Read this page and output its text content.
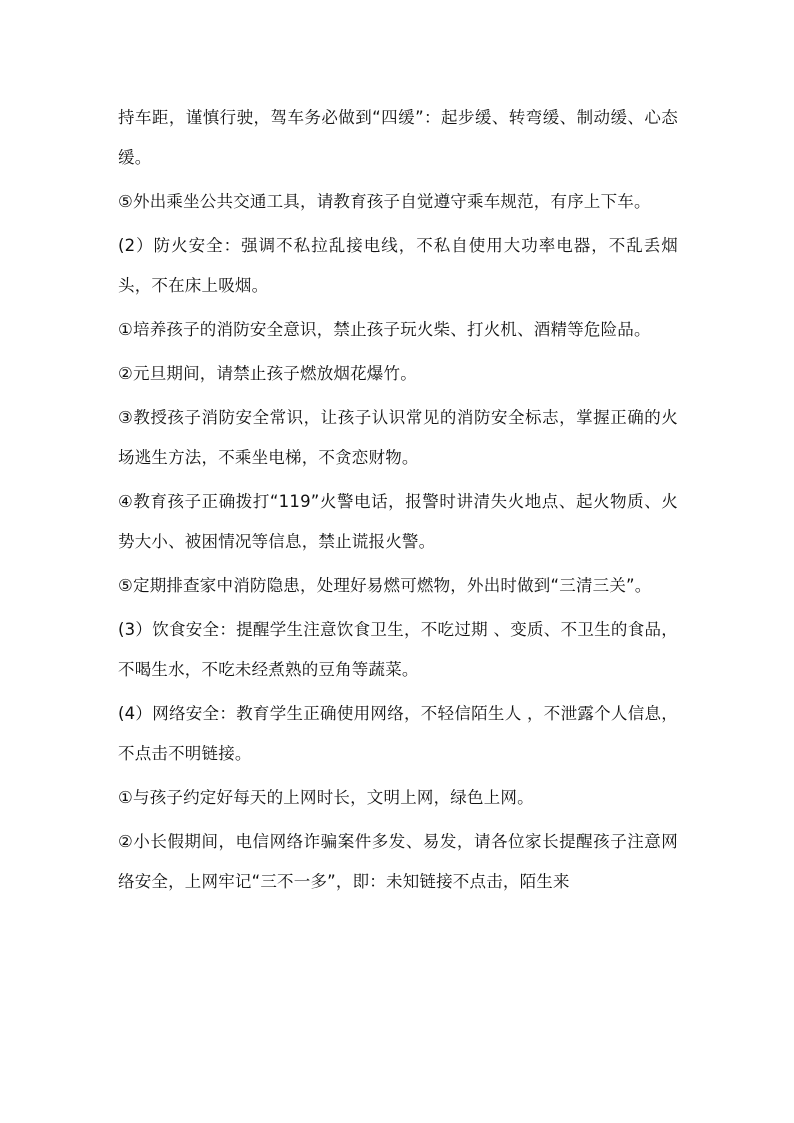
持车距，谨慎行驶，驾车务必做到“四缓”：起步缓、转弯缓、制动缓、心态缓。

⑤外出乘坐公共交通工具，请教育孩子自觉遵守乘车规范，有序上下车。

(2）防火安全：强调不私拉乱接电线，不私自使用大功率电器，不乱丢烟头，不在床上吸烟。

①培养孩子的消防安全意识，禁止孩子玩火柴、打火机、酒精等危险品。

②元旦期间，请禁止孩子燃放烟花爆竹。

③教授孩子消防安全常识，让孩子认识常见的消防安全标志，掌握正确的火场逃生方法，不乘坐电梯，不贪恋财物。

④教育孩子正确拨打“119”火警电话，报警时讲清失火地点、起火物质、火势大小、被困情况等信息，禁止谎报火警。

⑤定期排查家中消防隐患，处理好易燃可燃物，外出时做到“三清三关”。

(3）饮食安全：提醒学生注意饮食卫生，不吃过期 、变质、不卫生的食品，不喝生水，不吃未经煮熟的豆角等蔬菜。

(4）网络安全：教育学生正确使用网络，不轻信陌生人 ，不泄露个人信息，不点击不明链接。

①与孩子约定好每天的上网时长，文明上网，绿色上网。

②小长假期间，电信网络诈骗案件多发、易发，请各位家长提醒孩子注意网络安全，上网牢记“三不一多”，即：未知链接不点击，陌生来
